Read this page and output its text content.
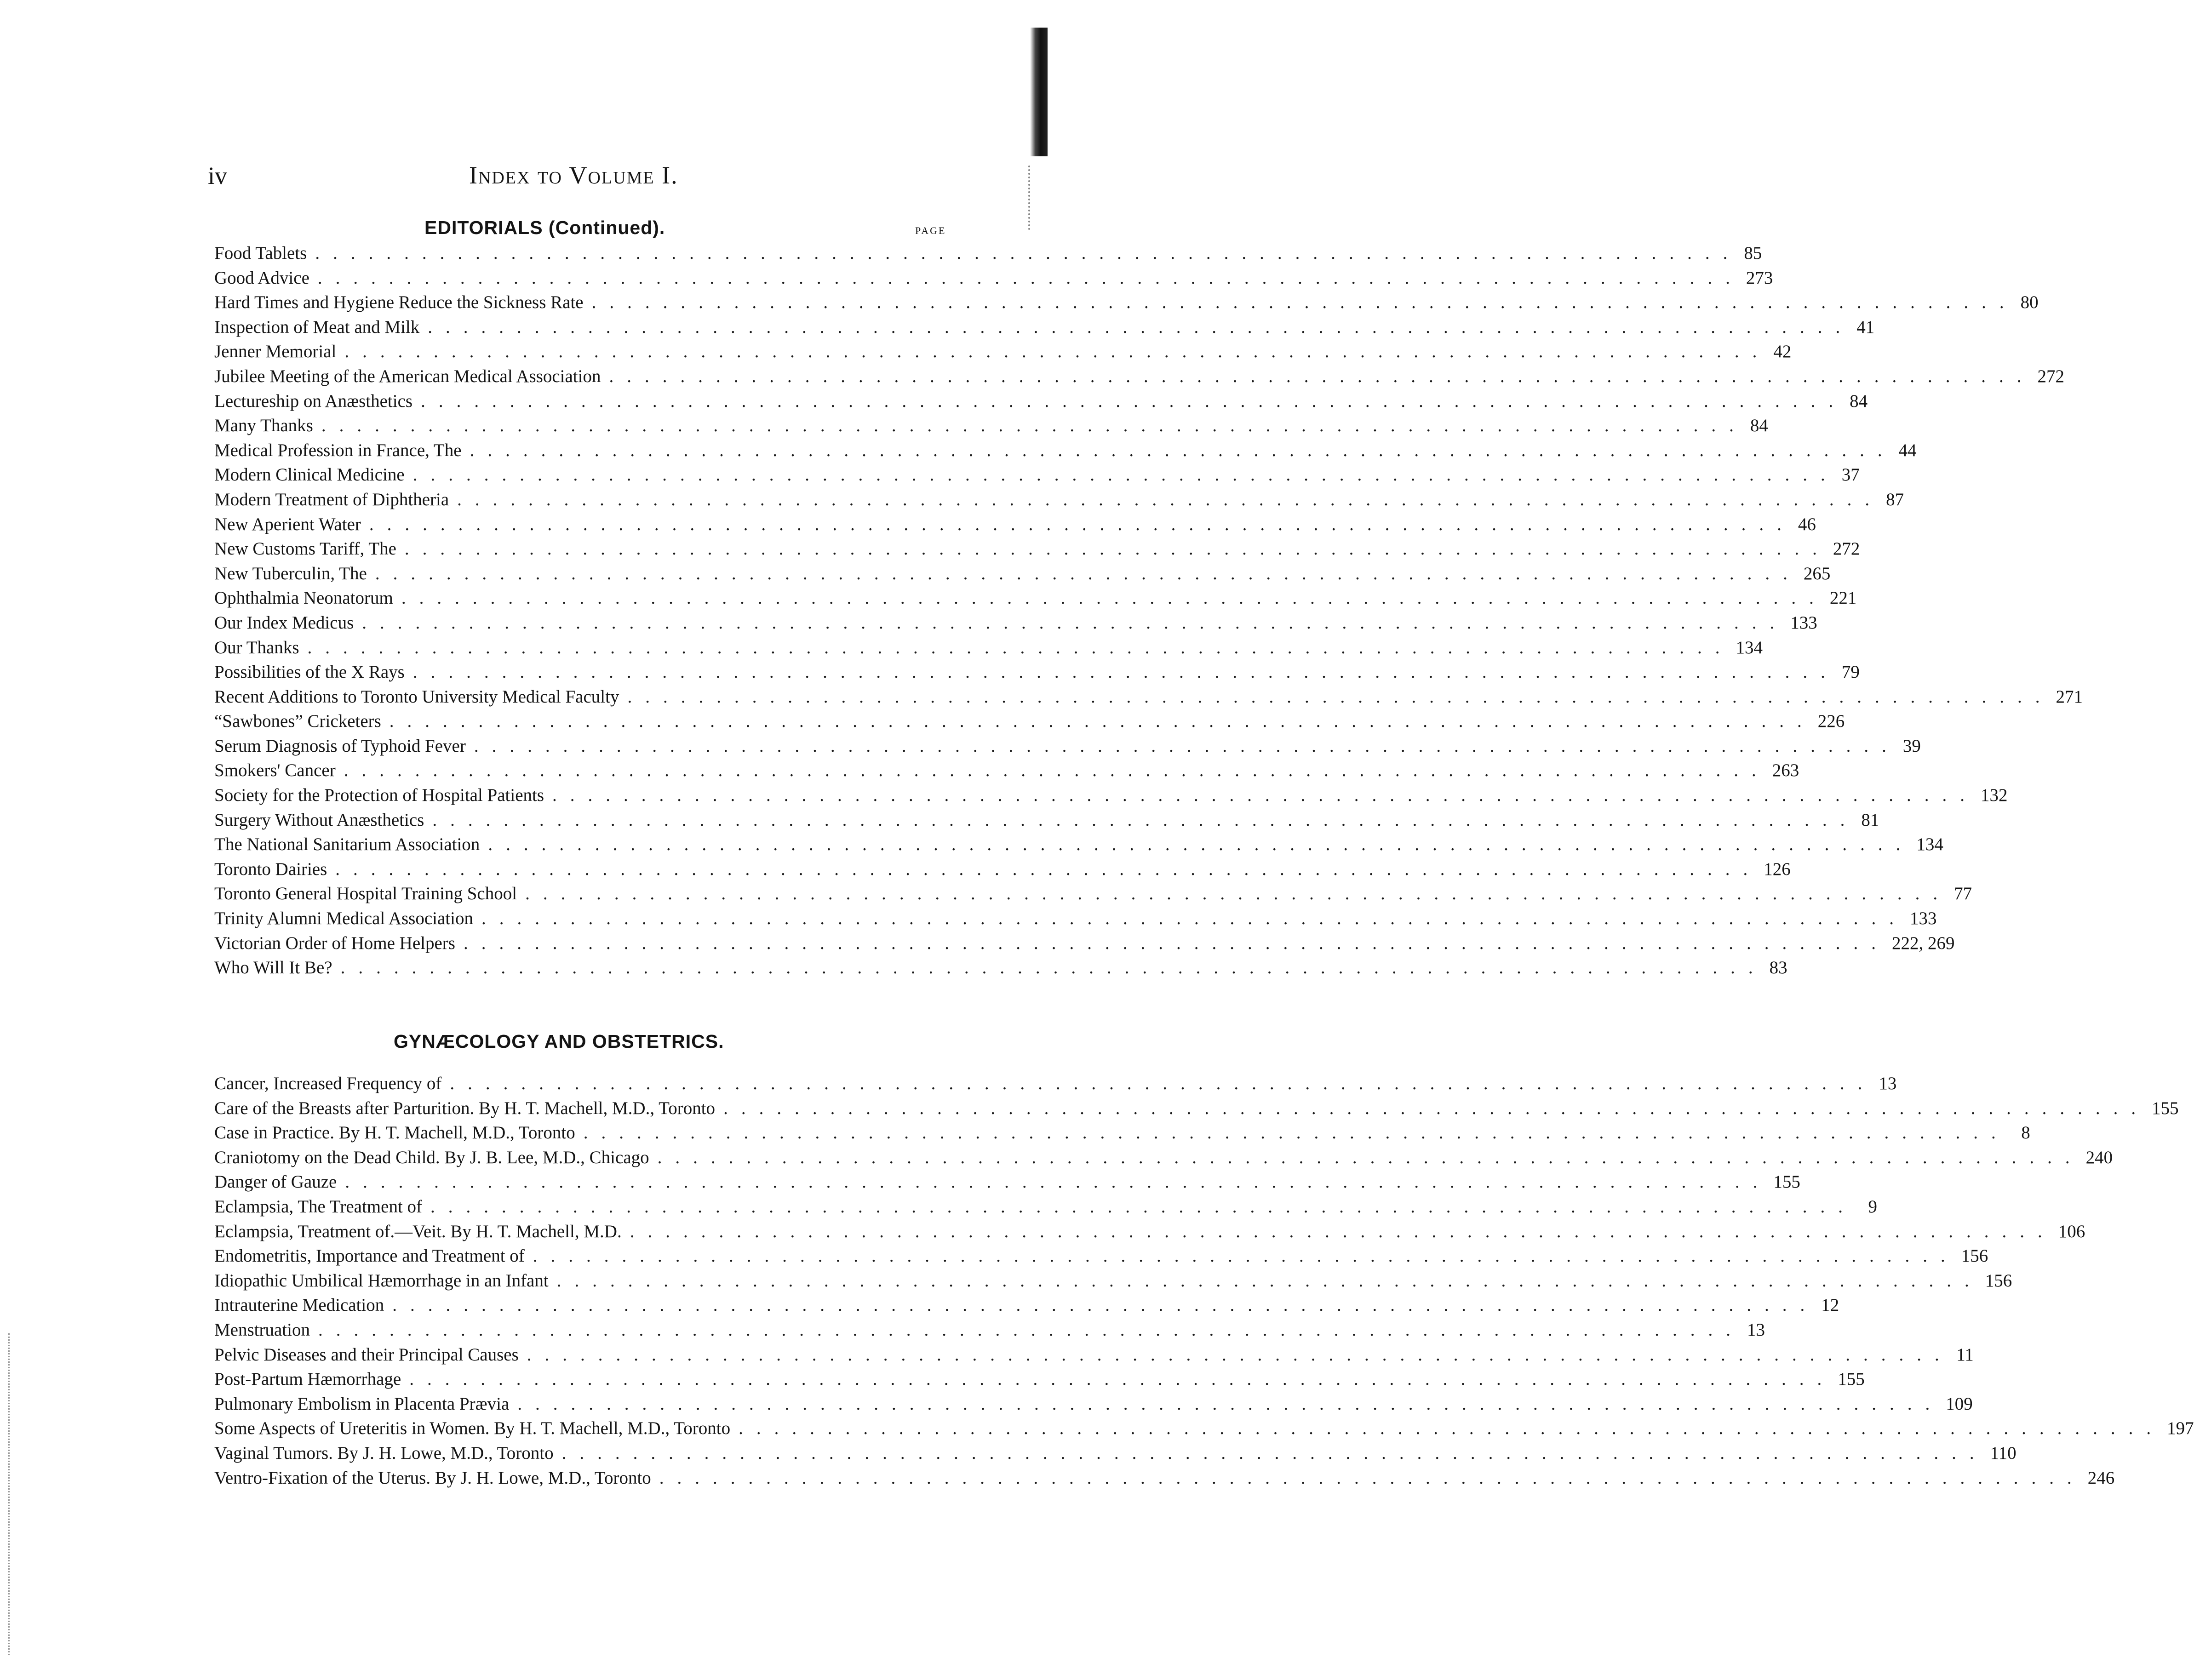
iv	Index to Volume I.
EDITORIALS (Continued).	PAGE
Food Tablets ................................................................................ 85
Good Advice ................................................................................ 273
Hard Times and Hygiene Reduce the Sickness Rate ................................................................................ 80
Inspection of Meat and Milk ................................................................................ 41
Jenner Memorial ................................................................................ 42
Jubilee Meeting of the American Medical Association ................................................................................ 272
Lectureship on Anæsthetics ................................................................................ 84
Many Thanks ................................................................................ 84
Medical Profession in France, The ................................................................................ 44
Modern Clinical Medicine ................................................................................ 37
Modern Treatment of Diphtheria ................................................................................ 87
New Aperient Water ................................................................................ 46
New Customs Tariff, The ................................................................................ 272
New Tuberculin, The ................................................................................ 265
Ophthalmia Neonatorum ................................................................................ 221
Our Index Medicus ................................................................................ 133
Our Thanks ................................................................................ 134
Possibilities of the X Rays ................................................................................ 79
Recent Additions to Toronto University Medical Faculty ................................................................................ 271
“Sawbones” Cricketers ................................................................................ 226
Serum Diagnosis of Typhoid Fever ................................................................................ 39
Smokers' Cancer ................................................................................ 263
Society for the Protection of Hospital Patients ................................................................................ 132
Surgery Without Anæsthetics ................................................................................ 81
The National Sanitarium Association ................................................................................ 134
Toronto Dairies ................................................................................ 126
Toronto General Hospital Training School ................................................................................ 77
Trinity Alumni Medical Association ................................................................................ 133
Victorian Order of Home Helpers ................................................................................ 222, 269
Who Will It Be? ................................................................................ 83
GYNÆCOLOGY AND OBSTETRICS.
Cancer, Increased Frequency of ................................................................................ 13
Care of the Breasts after Parturition. By H. T. Machell, M.D., Toronto ................................................................................ 155
Case in Practice. By H. T. Machell, M.D., Toronto ................................................................................ 8
Craniotomy on the Dead Child. By J. B. Lee, M.D., Chicago ................................................................................ 240
Danger of Gauze ................................................................................ 155
Eclampsia, The Treatment of ................................................................................ 9
Eclampsia, Treatment of.—Veit. By H. T. Machell, M.D. ................................................................................ 106
Endometritis, Importance and Treatment of ................................................................................ 156
Idiopathic Umbilical Hæmorrhage in an Infant ................................................................................ 156
Intrauterine Medication ................................................................................ 12
Menstruation ................................................................................ 13
Pelvic Diseases and their Principal Causes ................................................................................ 11
Post-Partum Hæmorrhage ................................................................................ 155
Pulmonary Embolism in Placenta Prævia ................................................................................ 109
Some Aspects of Ureteritis in Women. By H. T. Machell, M.D., Toronto ................................................................................ 197
Vaginal Tumors. By J. H. Lowe, M.D., Toronto ................................................................................ 110
Ventro-Fixation of the Uterus. By J. H. Lowe, M.D., Toronto ................................................................................ 246
